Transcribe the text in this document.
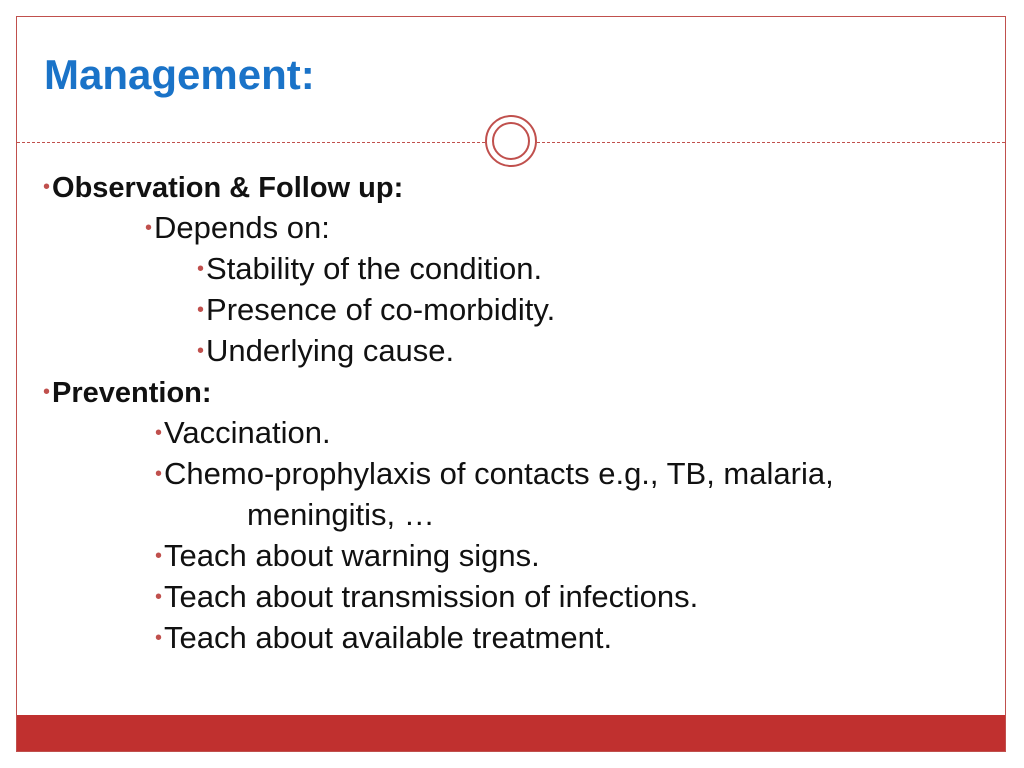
Management:
•Observation & Follow up:
•Depends on:
•Stability of the condition.
•Presence of co-morbidity.
•Underlying cause.
•Prevention:
•Vaccination.
•Chemo-prophylaxis of contacts e.g., TB, malaria,
meningitis, …
•Teach about warning signs.
•Teach about transmission of infections.
•Teach about available treatment.
